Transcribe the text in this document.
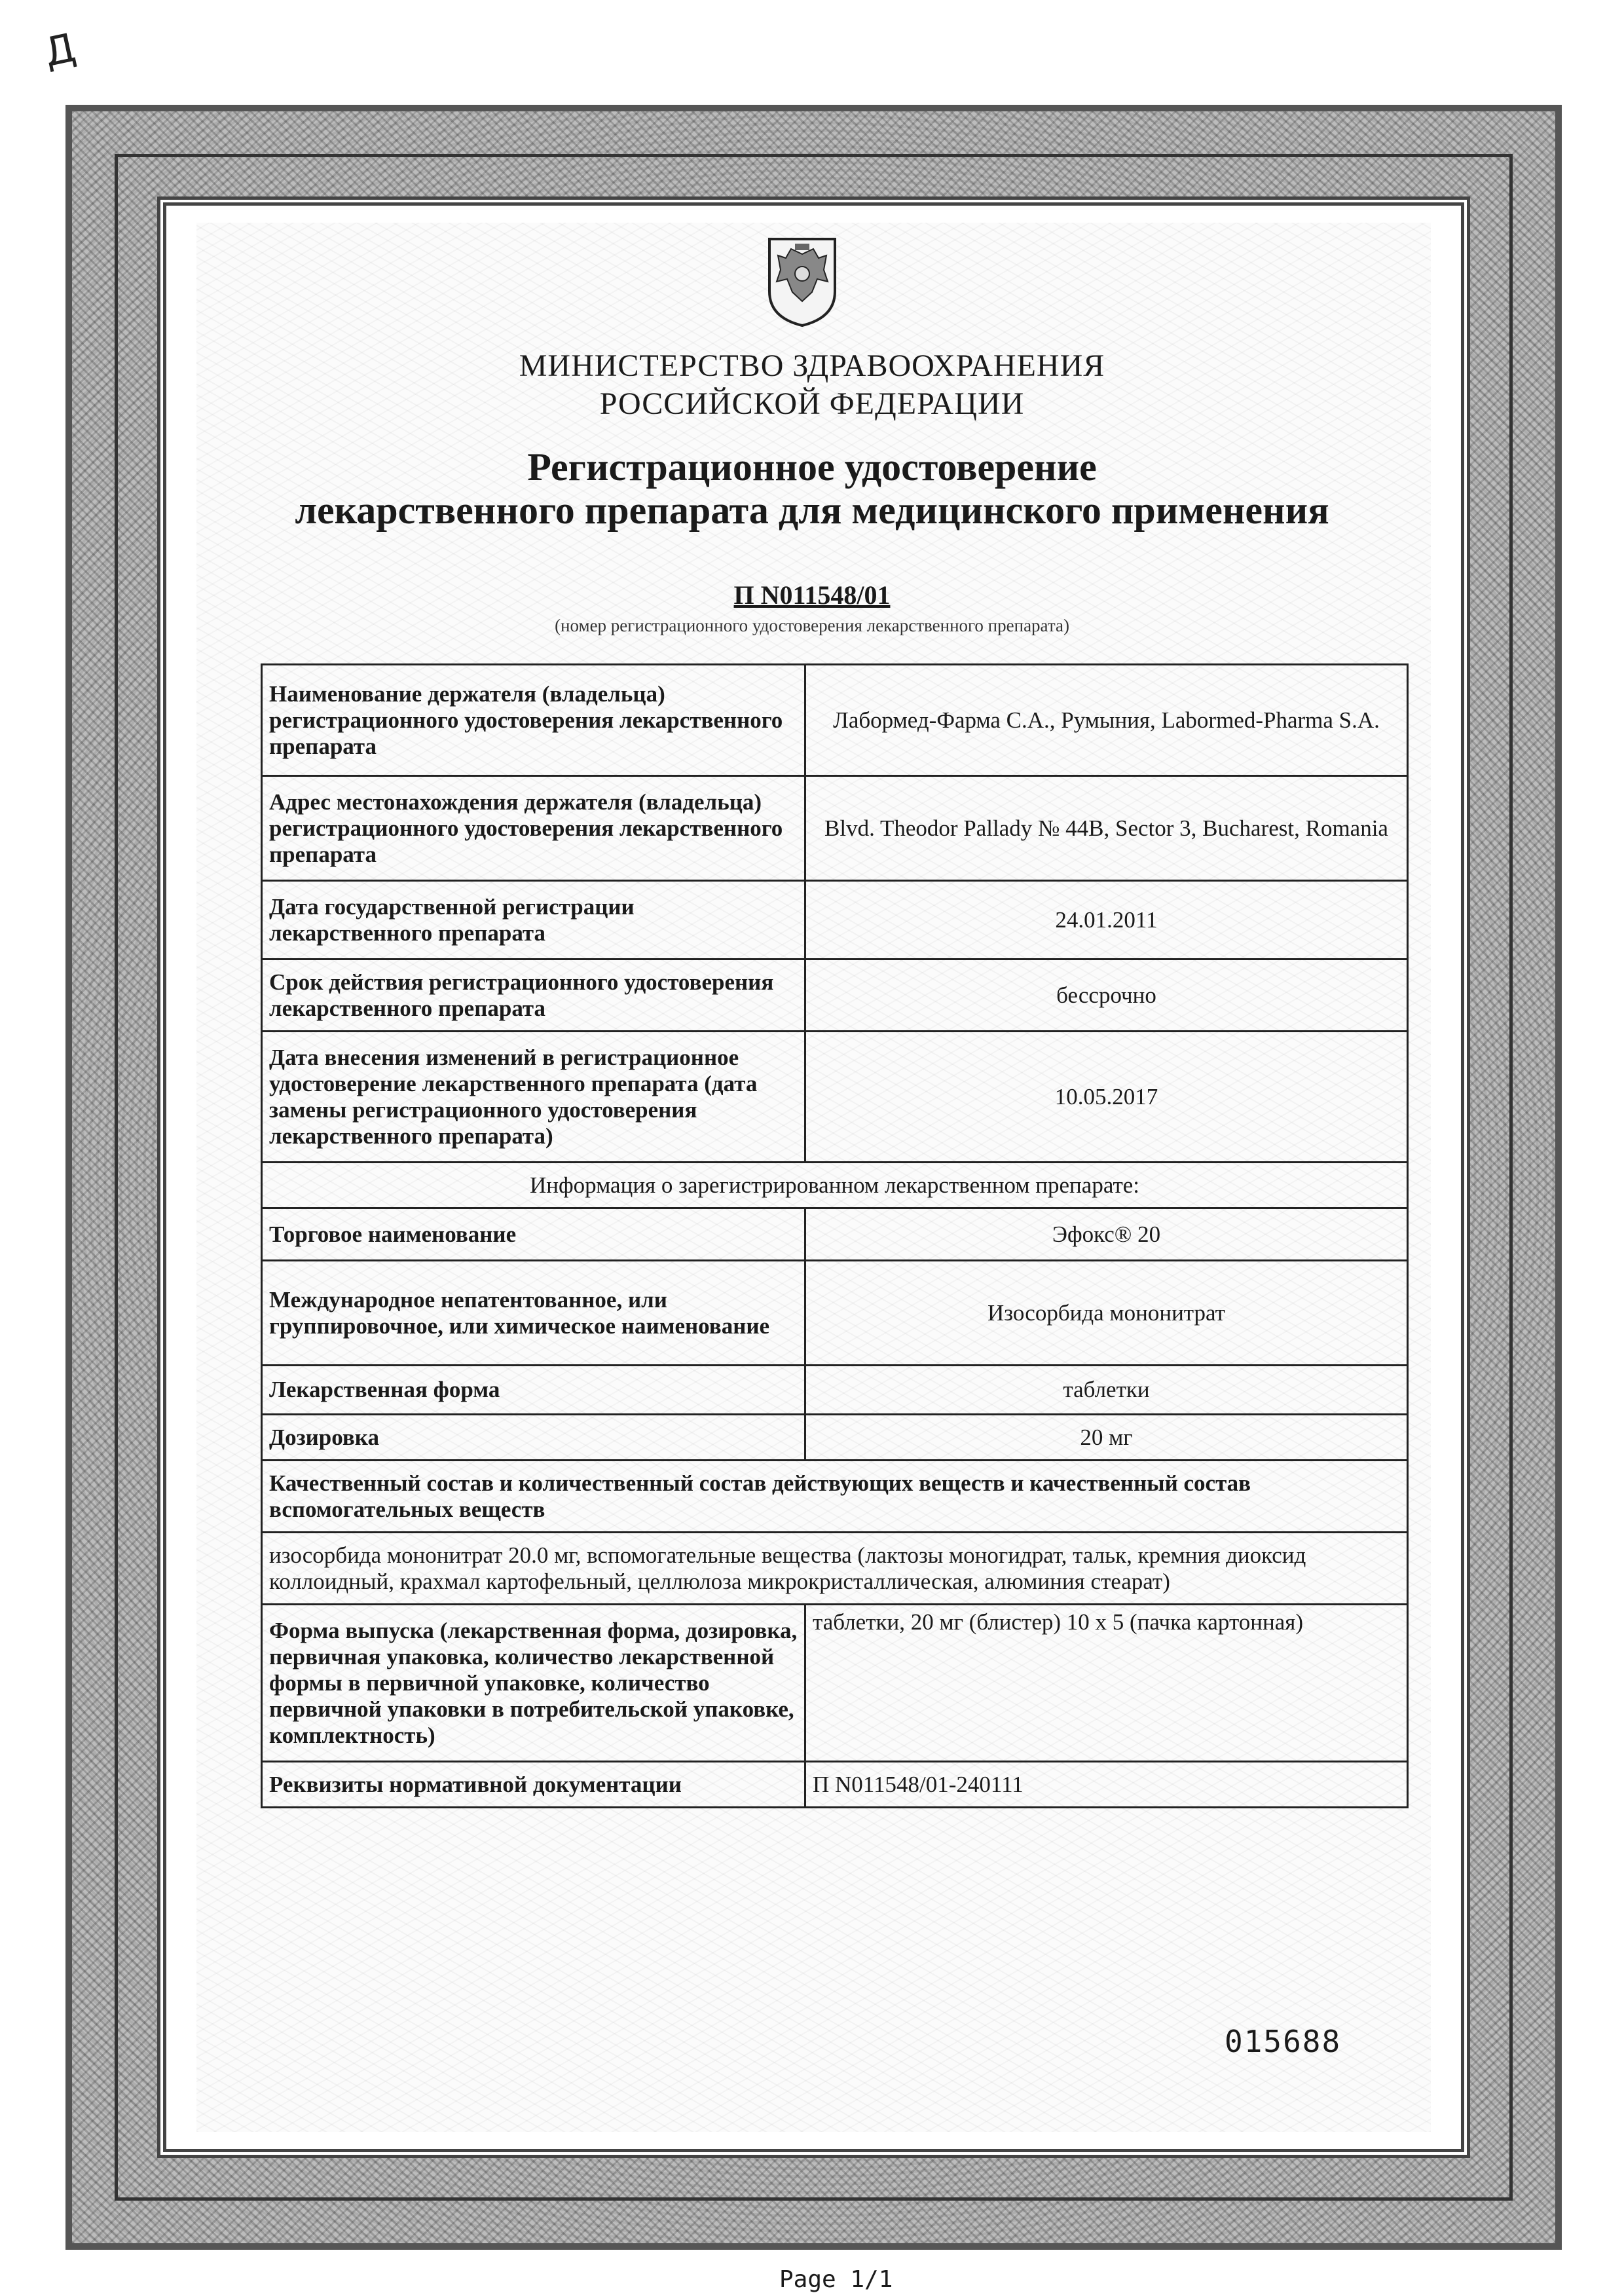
Д
МИНИСТЕРСТВО ЗДРАВООХРАНЕНИЯ
РОССИЙСКОЙ ФЕДЕРАЦИИ
Регистрационное удостоверение
лекарственного препарата для медицинского применения
П N011548/01
(номер регистрационного удостоверения лекарственного препарата)
Наименование держателя (владельца) регистрационного удостоверения лекарственного препарата	Лабормед-Фарма С.А., Румыния, Labormed-Pharma S.A.
Адрес местонахождения держателя (владельца) регистрационного удостоверения лекарственного препарата	Blvd. Theodor Pallady № 44B, Sector 3, Bucharest, Romania
Дата государственной регистрации лекарственного препарата	24.01.2011
Срок действия регистрационного удостоверения лекарственного препарата	бессрочно
Дата внесения изменений в регистрационное удостоверение лекарственного препарата (дата замены регистрационного удостоверения лекарственного препарата)	10.05.2017
Информация о зарегистрированном лекарственном препарате:	
Торговое наименование	Эфокс® 20
Международное непатентованное, или группировочное, или химическое наименование	Изосорбида мононитрат
Лекарственная форма	таблетки
Дозировка	20 мг
Качественный состав и количественный состав действующих веществ и качественный состав вспомогательных веществ	
изосорбида мононитрат 20.0 мг, вспомогательные вещества (лактозы моногидрат, тальк, кремния диоксид коллоидный, крахмал картофельный, целлюлоза микрокристаллическая, алюминия стеарат)	
Форма выпуска (лекарственная форма, дозировка, первичная упаковка, количество лекарственной формы в первичной упаковке, количество первичной упаковки в потребительской упаковке, комплектность)	таблетки, 20 мг (блистер) 10 x 5 (пачка картонная)
Реквизиты нормативной документации	П N011548/01-240111
015688
Page 1/1
